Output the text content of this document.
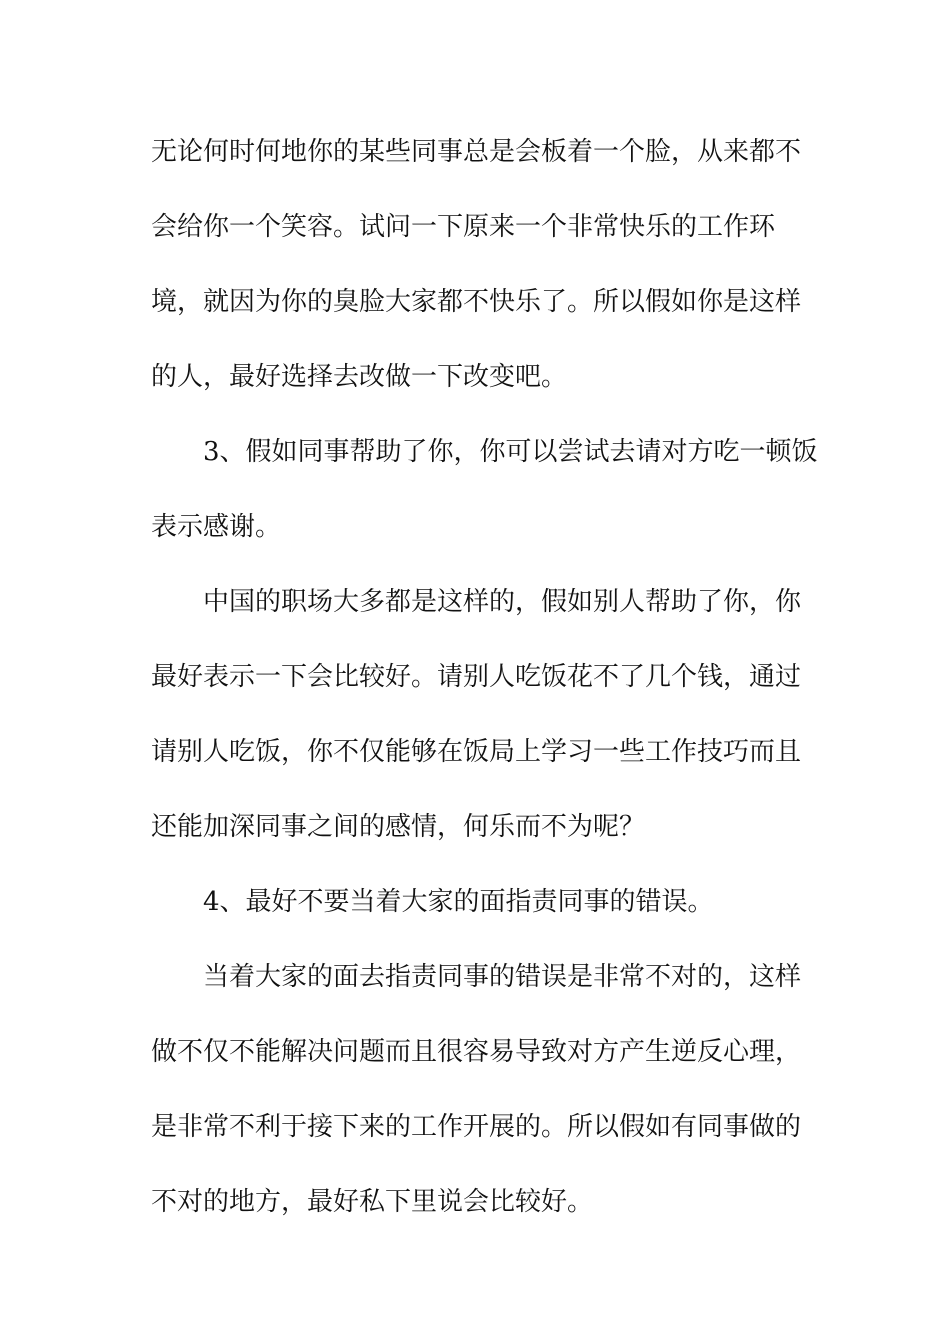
无论何时何地你的某些同事总是会板着一个脸，从来都不
会给你一个笑容。试问一下原来一个非常快乐的工作环
境，就因为你的臭脸大家都不快乐了。所以假如你是这样
的人，最好选择去改做一下改变吧。
3、假如同事帮助了你，你可以尝试去请对方吃一顿饭
表示感谢。
中国的职场大多都是这样的，假如别人帮助了你，你
最好表示一下会比较好。请别人吃饭花不了几个钱，通过
请别人吃饭，你不仅能够在饭局上学习一些工作技巧而且
还能加深同事之间的感情，何乐而不为呢？
4、最好不要当着大家的面指责同事的错误。
当着大家的面去指责同事的错误是非常不对的，这样
做不仅不能解决问题而且很容易导致对方产生逆反心理，
是非常不利于接下来的工作开展的。所以假如有同事做的
不对的地方，最好私下里说会比较好。
